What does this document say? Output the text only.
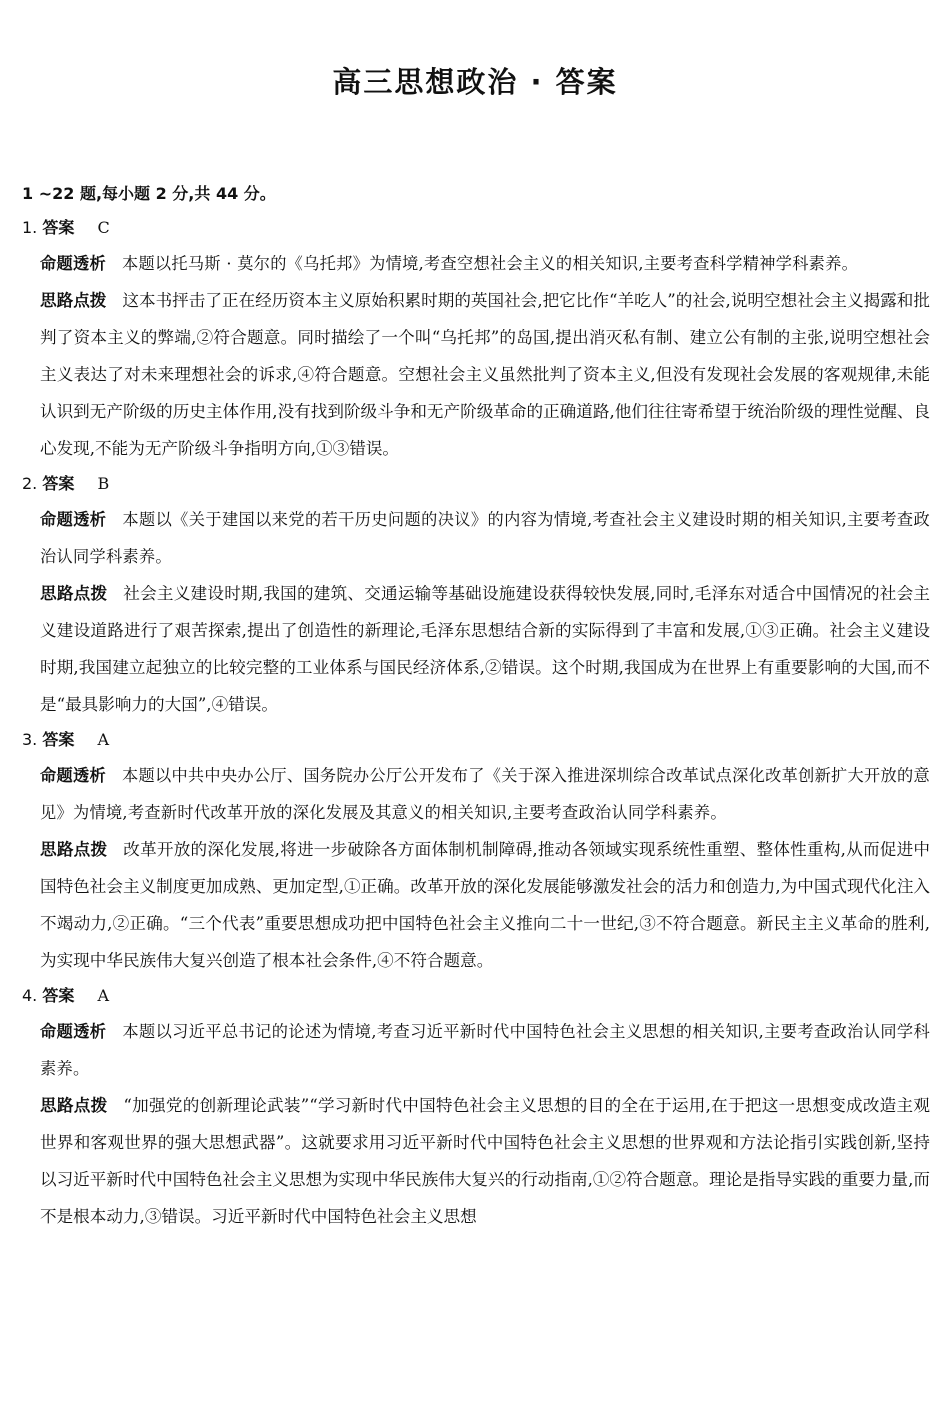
高三思想政治 · 答案
1 ~22 题,每小题 2 分,共 44 分。
1. 答案 C
命题透析 本题以托马斯 · 莫尔的《乌托邦》为情境,考查空想社会主义的相关知识,主要考查科学精神学科素养。
思路点拨 这本书抨击了正在经历资本主义原始积累时期的英国社会,把它比作“羊吃人”的社会,说明空想社会主义揭露和批判了资本主义的弊端,②符合题意。同时描绘了一个叫“乌托邦”的岛国,提出消灭私有制、建立公有制的主张,说明空想社会主义表达了对未来理想社会的诉求,④符合题意。空想社会主义虽然批判了资本主义,但没有发现社会发展的客观规律,未能认识到无产阶级的历史主体作用,没有找到阶级斗争和无产阶级革命的正确道路,他们往往寄希望于统治阶级的理性觉醒、良心发现,不能为无产阶级斗争指明方向,①③错误。
2. 答案 B
命题透析 本题以《关于建国以来党的若干历史问题的决议》的内容为情境,考查社会主义建设时期的相关知识,主要考查政治认同学科素养。
思路点拨 社会主义建设时期,我国的建筑、交通运输等基础设施建设获得较快发展,同时,毛泽东对适合中国情况的社会主义建设道路进行了艰苦探索,提出了创造性的新理论,毛泽东思想结合新的实际得到了丰富和发展,①③正确。社会主义建设时期,我国建立起独立的比较完整的工业体系与国民经济体系,②错误。这个时期,我国成为在世界上有重要影响的大国,而不是“最具影响力的大国”,④错误。
3. 答案 A
命题透析 本题以中共中央办公厅、国务院办公厅公开发布了《关于深入推进深圳综合改革试点深化改革创新扩大开放的意见》为情境,考查新时代改革开放的深化发展及其意义的相关知识,主要考查政治认同学科素养。
思路点拨 改革开放的深化发展,将进一步破除各方面体制机制障碍,推动各领域实现系统性重塑、整体性重构,从而促进中国特色社会主义制度更加成熟、更加定型,①正确。改革开放的深化发展能够激发社会的活力和创造力,为中国式现代化注入不竭动力,②正确。“三个代表”重要思想成功把中国特色社会主义推向二十一世纪,③不符合题意。新民主主义革命的胜利,为实现中华民族伟大复兴创造了根本社会条件,④不符合题意。
4. 答案 A
命题透析 本题以习近平总书记的论述为情境,考查习近平新时代中国特色社会主义思想的相关知识,主要考查政治认同学科素养。
思路点拨 “加强党的创新理论武装”“学习新时代中国特色社会主义思想的目的全在于运用,在于把这一思想变成改造主观世界和客观世界的强大思想武器”。这就要求用习近平新时代中国特色社会主义思想的世界观和方法论指引实践创新,坚持以习近平新时代中国特色社会主义思想为实现中华民族伟大复兴的行动指南,①②符合题意。理论是指导实践的重要力量,而不是根本动力,③错误。习近平新时代中国特色社会主义思想
